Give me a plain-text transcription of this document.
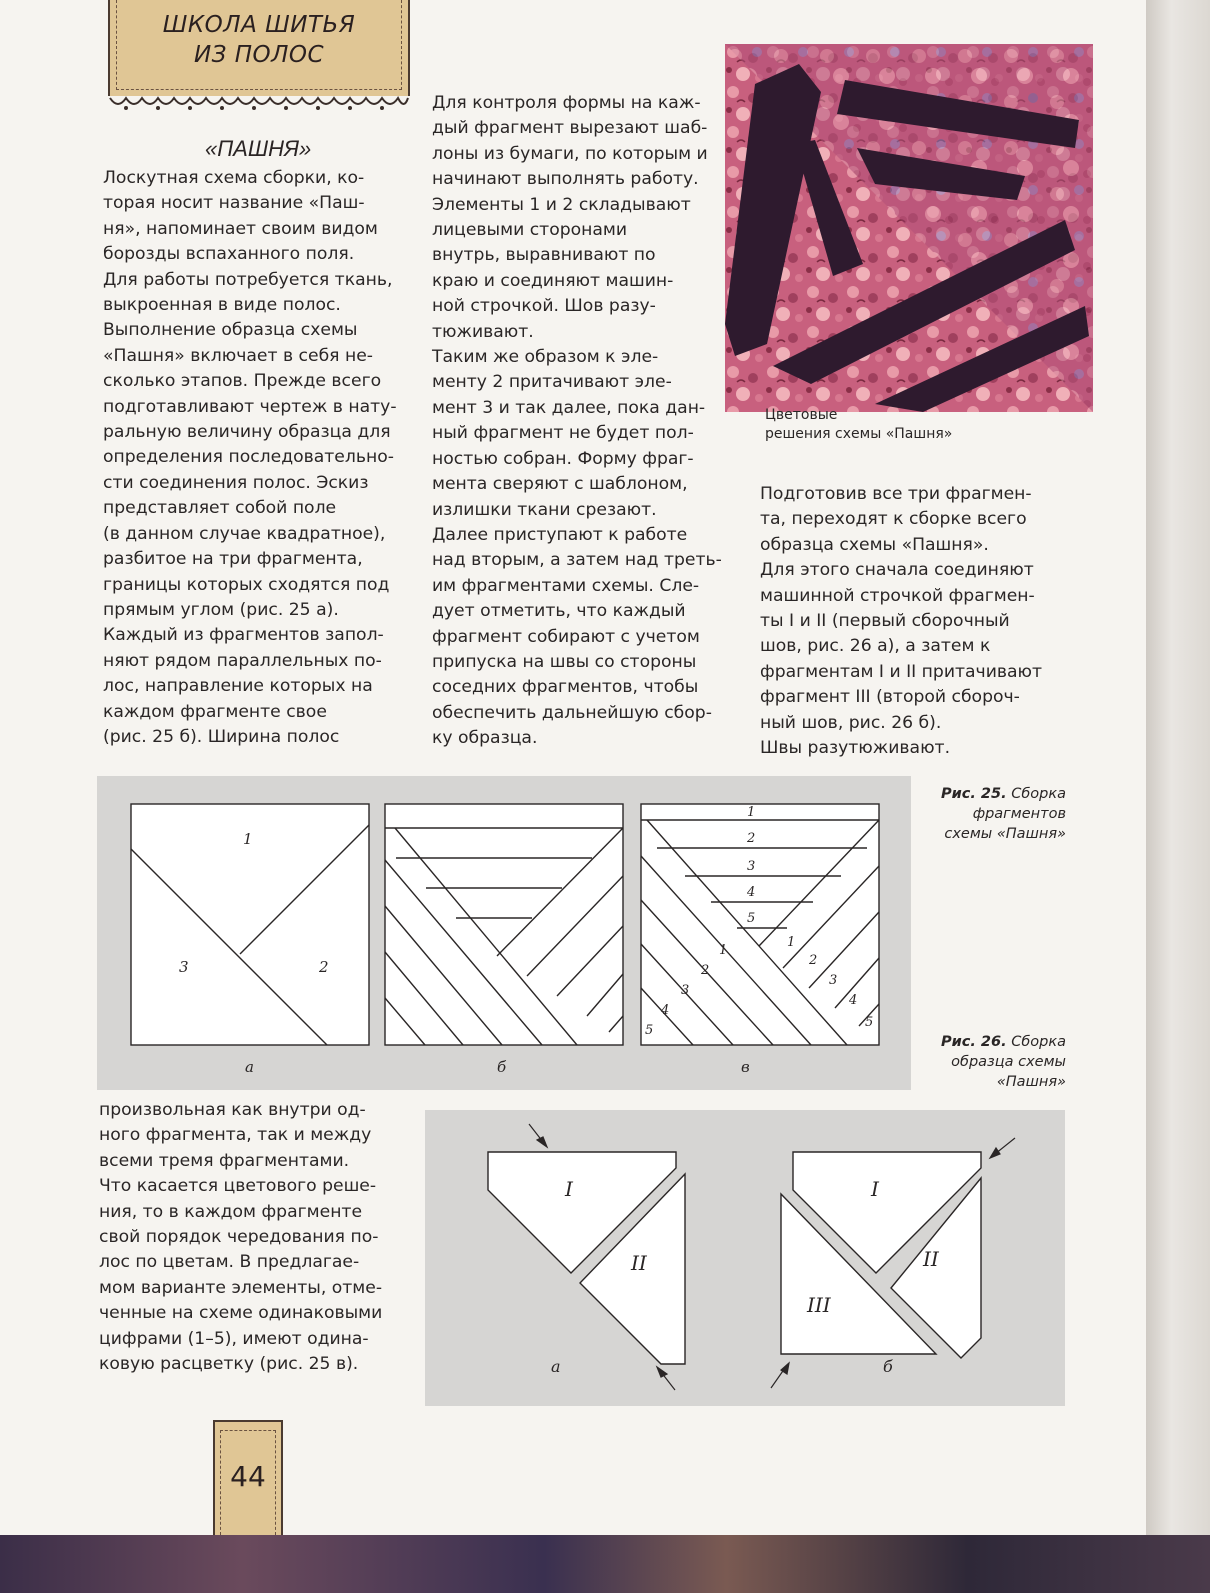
ШКОЛА ШИТЬЯ
ИЗ ПОЛОС
«ПАШНЯ»
Лоскутная схема сборки, ко-
торая носит название «Паш-
ня», напоминает своим видом
борозды вспаханного поля.
Для работы потребуется ткань,
выкроенная в виде полос.
Выполнение образца схемы
«Пашня» включает в себя не-
сколько этапов. Прежде всего
подготавливают чертеж в нату-
ральную величину образца для
определения последовательно-
сти соединения полос. Эскиз
представляет собой поле
(в данном случае квадратное),
разбитое на три фрагмента,
границы которых сходятся под
прямым углом (рис. 25 а).
Каждый из фрагментов запол-
няют рядом параллельных по-
лос, направление которых на
каждом фрагменте свое
(рис. 25 б). Ширина полос
Для контроля формы на каж-
дый фрагмент вырезают шаб-
лоны из бумаги, по которым и
начинают выполнять работу.
Элементы 1 и 2 складывают
лицевыми сторонами
внутрь, выравнивают по
краю и соединяют машин-
ной строчкой. Шов разу-
тюживают.
Таким же образом к эле-
менту 2 притачивают эле-
мент 3 и так далее, пока дан-
ный фрагмент не будет пол-
ностью собран. Форму фраг-
мента сверяют с шаблоном,
излишки ткани срезают.
Далее приступают к работе
над вторым, а затем над треть-
им фрагментами схемы. Сле-
дует отметить, что каждый
фрагмент собирают с учетом
припуска на швы со стороны
соседних фрагментов, чтобы
обеспечить дальнейшую сбор-
ку образца.
Цветовые
решения схемы «Пашня»
Подготовив все три фрагмен-
та, переходят к сборке всего
образца схемы «Пашня».
Для этого сначала соединяют
машинной строчкой фрагмен-
ты I и II (первый сборочный
шов, рис. 26 а), а затем к
фрагментам I и II притачивают
фрагмент III (второй сбороч-
ный шов, рис. 26 б).
Швы разутюживают.
1
2
3
1
2
3
4
5
1
2
3
4
5
1
2
3
4
5
а	б	в
Рис. 25. Сборка
фрагментов
схемы «Пашня»
Рис. 26. Сборка
образца схемы
«Пашня»
произвольная как внутри од-
ного фрагмента, так и между
всеми тремя фрагментами.
Что касается цветового реше-
ния, то в каждом фрагменте
свой порядок чередования по-
лос по цветам. В предлагае-
мом варианте элементы, отме-
ченные на схеме одинаковыми
цифрами (1–5), имеют одина-
ковую расцветку (рис. 25 в).
I
II
I
II
III
а	б
44
